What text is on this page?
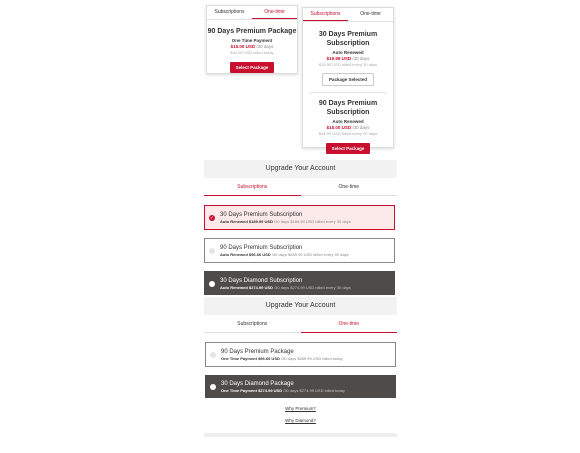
Subscriptions	One-time
90 Days Premium Package
One Time Payment
$15.00 USD /30 days
$44.99 USD billed today
Select Package
Subscriptions	One-time
30 Days Premium Subscription
Auto Renewed
$19.99 USD /30 days
$19.99 USD billed every 30 days
Package Selected
90 Days Premium Subscription
Auto Renewed
$15.00 USD /30 days
$44.99 USD billed every 90 days
Select Package
Upgrade Your Account
Subscriptions	One-time
✓ 30 Days Premium Subscription
Auto Renewed $189.99 USD /30 days $189.99 USD billed every 30 days
90 Days Premium Subscription
Auto Renewed $96.66 USD /30 days $289.99 USD billed every 90 days
30 Days Diamond Subscription
Auto Renewed $274.99 USD /30 days $274.99 USD billed every 30 days
Upgrade Your Account
Subscriptions	One-time
90 Days Premium Package
One Time Payment $96.66 USD /30 days $289.99 USD billed today
30 Days Diamond Package
One Time Payment $274.99 USD /30 days $274.99 USD billed today
Why Premium?
Why Diamond?
